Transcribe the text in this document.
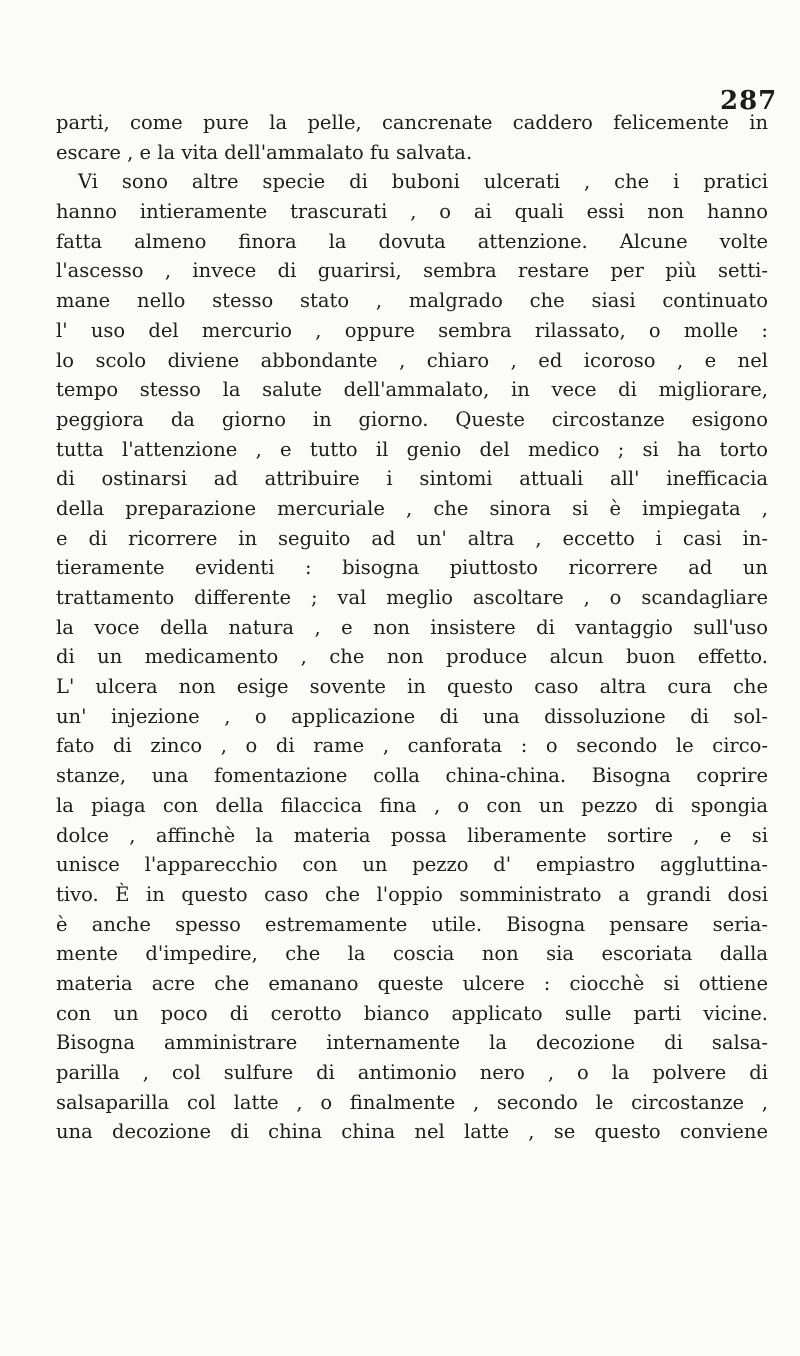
287
parti, come pure la pelle, cancrenate caddero felicemente in
escare , e la vita dell'ammalato fu salvata.
Vi sono altre specie di buboni ulcerati , che i pratici
hanno intieramente trascurati , o ai quali essi non hanno
fatta almeno finora la dovuta attenzione. Alcune volte
l'ascesso , invece di guarirsi, sembra restare per più setti-
mane nello stesso stato , malgrado che siasi continuato
l' uso del mercurio , oppure sembra rilassato, o molle :
lo scolo diviene abbondante , chiaro , ed icoroso , e nel
tempo stesso la salute dell'ammalato, in vece di migliorare,
peggiora da giorno in giorno. Queste circostanze esigono
tutta l'attenzione , e tutto il genio del medico ; si ha torto
di ostinarsi ad attribuire i sintomi attuali all' inefficacia
della preparazione mercuriale , che sinora si è impiegata ,
e di ricorrere in seguito ad un' altra , eccetto i casi in-
tieramente evidenti : bisogna piuttosto ricorrere ad un
trattamento differente ; val meglio ascoltare , o scandagliare
la voce della natura , e non insistere di vantaggio sull'uso
di un medicamento , che non produce alcun buon effetto.
L' ulcera non esige sovente in questo caso altra cura che
un' injezione , o applicazione di una dissoluzione di sol-
fato di zinco , o di rame , canforata : o secondo le circo-
stanze, una fomentazione colla china-china. Bisogna coprire
la piaga con della filaccica fina , o con un pezzo di spongia
dolce , affinchè la materia possa liberamente sortire , e si
unisce l'apparecchio con un pezzo d' empiastro aggluttina-
tivo. È in questo caso che l'oppio somministrato a grandi dosi
è anche spesso estremamente utile. Bisogna pensare seria-
mente d'impedire, che la coscia non sia escoriata dalla
materia acre che emanano queste ulcere : ciocchè si ottiene
con un poco di cerotto bianco applicato sulle parti vicine.
Bisogna amministrare internamente la decozione di salsa-
parilla , col sulfure di antimonio nero , o la polvere di
salsaparilla col latte , o finalmente , secondo le circostanze ,
una decozione di china china nel latte , se questo conviene
